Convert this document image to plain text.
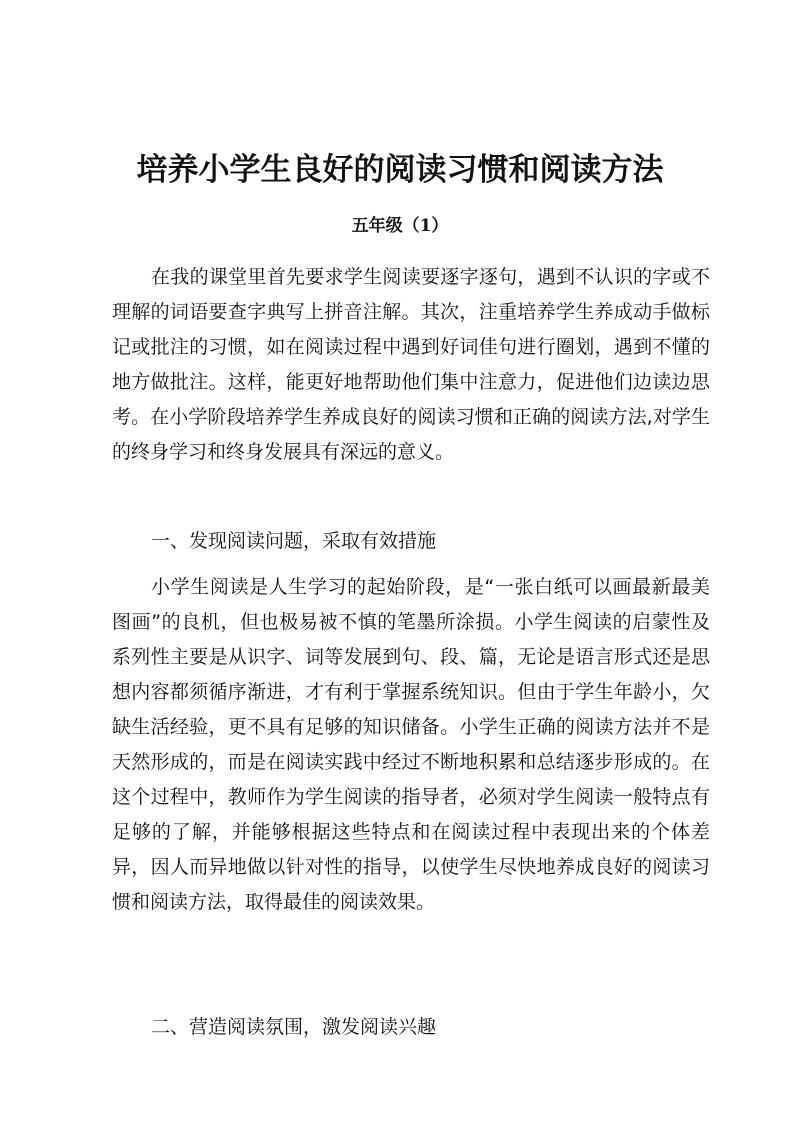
培养小学生良好的阅读习惯和阅读方法
五年级（1）

在我的课堂里首先要求学生阅读要逐字逐句，遇到不认识的字或不理解的词语要查字典写上拼音注解。其次，注重培养学生养成动手做标记或批注的习惯，如在阅读过程中遇到好词佳句进行圈划，遇到不懂的地方做批注。这样，能更好地帮助他们集中注意力，促进他们边读边思考。在小学阶段培养学生养成良好的阅读习惯和正确的阅读方法,对学生的终身学习和终身发展具有深远的意义。

一、发现阅读问题，采取有效措施

小学生阅读是人生学习的起始阶段，是“一张白纸可以画最新最美图画”的良机，但也极易被不慎的笔墨所涂损。小学生阅读的启蒙性及系列性主要是从识字、词等发展到句、段、篇，无论是语言形式还是思想内容都须循序渐进，才有利于掌握系统知识。但由于学生年龄小，欠缺生活经验，更不具有足够的知识储备。小学生正确的阅读方法并不是天然形成的，而是在阅读实践中经过不断地积累和总结逐步形成的。在这个过程中，教师作为学生阅读的指导者，必须对学生阅读一般特点有足够的了解，并能够根据这些特点和在阅读过程中表现出来的个体差异，因人而异地做以针对性的指导，以使学生尽快地养成良好的阅读习惯和阅读方法，取得最佳的阅读效果。

二、营造阅读氛围，激发阅读兴趣
